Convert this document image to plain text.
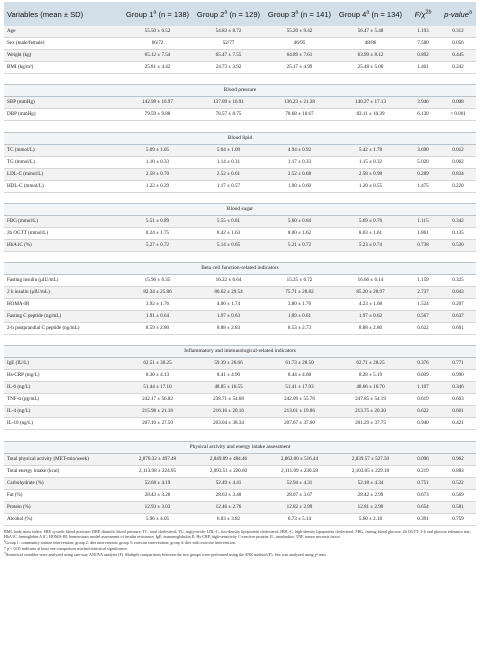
Variables (mean ± SD)	Group 1$^a$ (n = 138)	Group 2$^a$ (n = 129)	Group 3$^a$ (n = 141)	Group 4$^a$ (n = 134)	$F/\chi^{2b}$	p-value$^a$
Age	55.50 ± 6.52	54.83 ± 8.72	55.20 ± 9.42	56.47 ± 5.48	1.193	0.312
Sex (male/female)	66/72	52/77	46/95	48/86	7.580	0.056
Weight (kg)	65.12 ± 7.54	65.47 ± 7.55	64.89 ± 7.61	63.99 ± 8.12	0.892	0.445
BMI (kg/m²)	25.81 ± 4.42	24.73 ± 3.92	25.17 ± 4.99	25.48 ± 5.00	1.401	0.242

Blood pressure						
SBP (mmHg)	142.98 ± 16.97	137.09 ± 16.91	136.23 ± 21.38	140.27 ± 17.13	3.946	0.008
DBP (mmHg)	79.59 ± 9.88	78.57 ± 8.75	78.68 ± 10.67	83.11 ± 10.39	6.130	< 0.001

Blood lipid						
TC (mmol/L)	5.09 ± 1.05	5.04 ± 1.09	4.94 ± 0.92	5.42 ± 1.78	3.690	0.012
TG (mmol/L)	1.10 ± 0.33	1.14 ± 0.31	1.17 ± 0.33	1.15 ± 0.32	5.020	0.002
LDL-C (mmol/L)	2.58 ± 0.70	2.52 ± 0.61	2.52 ± 0.68	2.58 ± 0.98	0.289	0.834
HDL-C (mmol/L)	1.22 ± 0.29	1.17 ± 0.57	1.00 ± 0.60	1.20 ± 0.55	1.475	0.220

Blood sugar						
FBG (mmol/L)	5.51 ± 0.89	5.55 ± 0.81	5.60 ± 0.84	5.69 ± 0.76	1.115	0.342
2h OGTT (mmol/L)	8.24 ± 1.75	8.42 ± 1.63	8.00 ± 1.62	8.03 ± 1.61	1.861	0.135
HbA1C (%)	5.27 ± 0.72	5.14 ± 0.65	5.21 ± 0.72	5.23 ± 0.74	0.738	0.530

Beta cell function-related indicators						
Fasting insulin (μIU/mL)	15.96 ± 6.35	16.22 ± 6.64	15.25 ± 6.72	16.66 ± 6.14	1.159	0.325
2 h insulin (μIU/mL)	82.34 ± 25.86	80.62 ± 29.54	75.71 ± 28.82	85.20 ± 28.97	2.737	0.043
HOMA-IR	3.92 ± 1.76	4.00 ± 1.74	3.80 ± 1.76	4.23 ± 1.68	1.524	0.207
Fasting C peptide (ng/mL)	1.91 ± 0.64	1.97 ± 0.63	1.89 ± 0.61	1.97 ± 0.62	0.567	0.637
2-h postprandial C peptide (ng/mL)	8.59 ± 2.80	8.88 ± 2.83	8.53 ± 2.73	8.88 ± 2.80	0.622	0.601

Inflammatory and immunological-related indicators						
IgE (IU/L)	62.51 ± 30.25	59.39 ± 26.66	61.73 ± 28.50	62.71 ± 28.25	0.376	0.771
Hs-CRP (mg/L)	8.30 ± 4.13	8.41 ± 4.90	8.44 ± 4.68	8.28 ± 5.19	0.039	0.990
IL-6 (ng/L)	51.44 ± 17.10	48.85 ± 16.55	51.41 ± 17.93	48.66 ± 16.70	1.107	0.346
TNF-α (pg/mL)	242.17 ± 56.82	238.71 ± 54.68	242.09 ± 55.76	247.85 ± 54.19	0.619	0.603
IL-4 (ng/L)	215.98 ± 21.18	216.16 ± 20.16	213.61 ± 19.86	213.75 ± 20.30	0.622	0.601
IL-10 (ng/L)	207.10 ± 27.50	203.04 ± 38.34	207.67 ± 37.60	201.29 ± 37.75	0.940	0.421

Physical activity and energy intake assessment						
Total physical activity (MET-min/week)	2,870.32 ± 497.48	2,849.89 ± 484.46	2,862.00 ± 516.44	2,839.57 ± 527.50	0.096	0.962
Total energy intake (kcal)	2,113.98 ± 224.95	2,093.51 ± 220.60	2,111.09 ± 230.58	2,103.05 ± 229.18	0.219	0.883
Carbohydrate (%)	52.68 ± 4.19	52.49 ± 4.41	52.94 ± 4.31	52.18 ± 4.34	0.751	0.522
Fat (%)	28.43 ± 3.26	28.63 ± 3.40	28.07 ± 3.67	28.42 ± 2.99	0.673	0.569
Protein (%)	12.93 ± 3.03	12.46 ± 2.76	12.82 ± 2.99	12.81 ± 2.90	0.654	0.581
Alcohol (%)	5.96 ± 4.05	6.03 ± 3.82	6.73 ± 5.14	5.60 ± 2.18	0.391	0.759

BMI, body mass index; SBP, systolic blood pressure; DBP, diastolic blood pressure; TC, total cholesterol; TG, triglyceride; LDL-C, low-density lipoprotein cholesterol; HDL-C, high-density lipoprotein cholesterol; FBG, fasting blood glucose; 2h OGTT, 2-h oral glucose tolerance test; HbA1C, hemoglobin A1C; HOMA-IR, homeostasis model assessment of insulin resistance; IgE, immunoglobulin E; Hs-CRP, high-sensitivity C-reactive protein; IL, interleukin; TNF, tumor necrosis factor.

$^a$Group 1: community routine intervention; group 2: diet intervention; group 3: exercise intervention; group 4: diet with exercise intervention.

* p < 0.05 indicates at least one comparison reached statistical significance.

$^b$Numerical variables were analyzed using one-way ANOVA analysis (F). Multiple comparisons between the two groups were performed using the SNK method (F). Sex was analyzed using χ² tests.
